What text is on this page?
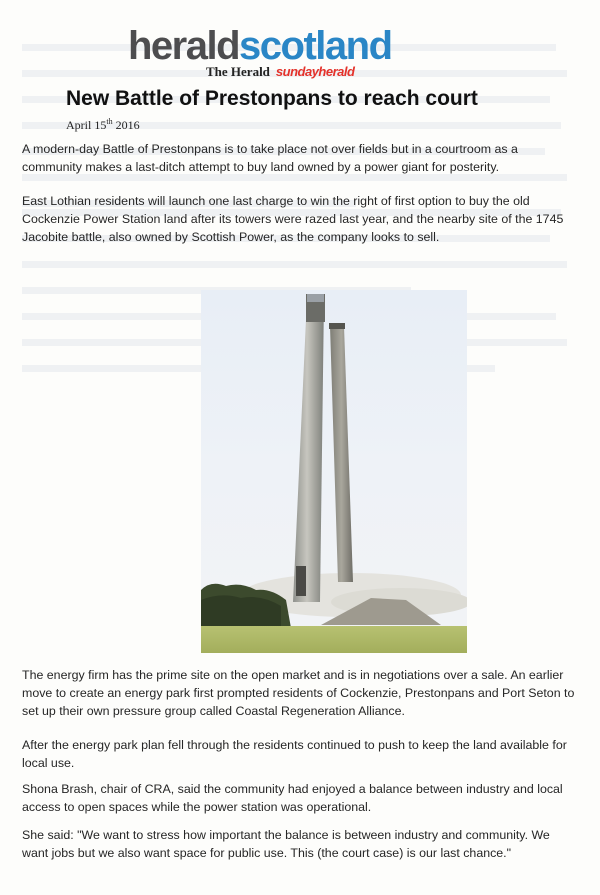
heraldscotland
The Herald sundayherald
New Battle of Prestonpans to reach court
April 15th 2016

A modern-day Battle of Prestonpans is to take place not over fields but in a courtroom as a community makes a last-ditch attempt to buy land owned by a power giant for posterity.

East Lothian residents will launch one last charge to win the right of first option to buy the old Cockenzie Power Station land after its towers were razed last year, and the nearby site of the 1745 Jacobite battle, also owned by Scottish Power, as the company looks to sell.

The energy firm has the prime site on the open market and is in negotiations over a sale. An earlier move to create an energy park first prompted residents of Cockenzie, Prestonpans and Port Seton to set up their own pressure group called Coastal Regeneration Alliance.

After the energy park plan fell through the residents continued to push to keep the land available for local use.

Shona Brash, chair of CRA, said the community had enjoyed a balance between industry and local access to open spaces while the power station was operational.

She said: "We want to stress how important the balance is between industry and community. We want jobs but we also want space for public use. This (the court case) is our last chance."
